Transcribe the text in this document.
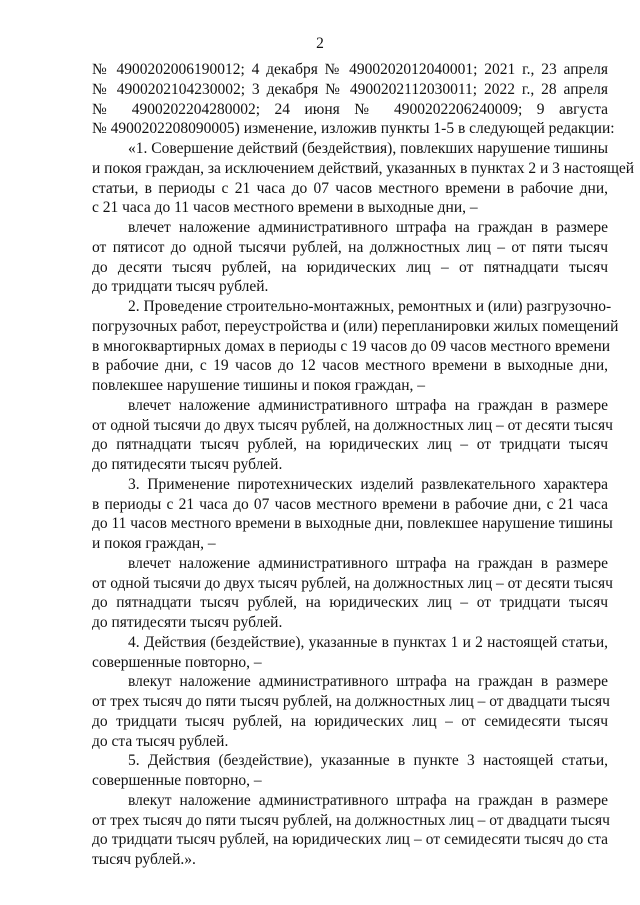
2
№ 4900202006190012; 4 декабря № 4900202012040001; 2021 г., 23 апреля
№ 4900202104230002; 3 декабря № 4900202112030011; 2022 г., 28 апреля
№ 4900202204280002; 24 июня № 4900202206240009; 9 августа
№ 4900202208090005) изменение, изложив пункты 1-5 в следующей редакции:
«1. Совершение действий (бездействия), повлекших нарушение тишины
и покоя граждан, за исключением действий, указанных в пунктах 2 и 3 настоящей
статьи, в периоды с 21 часа до 07 часов местного времени в рабочие дни,
с 21 часа до 11 часов местного времени в выходные дни, –
влечет наложение административного штрафа на граждан в размере
от пятисот до одной тысячи рублей, на должностных лиц – от пяти тысяч
до десяти тысяч рублей, на юридических лиц – от пятнадцати тысяч
до тридцати тысяч рублей.
2. Проведение строительно-монтажных, ремонтных и (или) разгрузочно-
погрузочных работ, переустройства и (или) перепланировки жилых помещений
в многоквартирных домах в периоды с 19 часов до 09 часов местного времени
в рабочие дни, с 19 часов до 12 часов местного времени в выходные дни,
повлекшее нарушение тишины и покоя граждан, –
влечет наложение административного штрафа на граждан в размере
от одной тысячи до двух тысяч рублей, на должностных лиц – от десяти тысяч
до пятнадцати тысяч рублей, на юридических лиц – от тридцати тысяч
до пятидесяти тысяч рублей.
3. Применение пиротехнических изделий развлекательного характера
в периоды с 21 часа до 07 часов местного времени в рабочие дни, с 21 часа
до 11 часов местного времени в выходные дни, повлекшее нарушение тишины
и покоя граждан, –
влечет наложение административного штрафа на граждан в размере
от одной тысячи до двух тысяч рублей, на должностных лиц – от десяти тысяч
до пятнадцати тысяч рублей, на юридических лиц – от тридцати тысяч
до пятидесяти тысяч рублей.
4. Действия (бездействие), указанные в пунктах 1 и 2 настоящей статьи,
совершенные повторно, –
влекут наложение административного штрафа на граждан в размере
от трех тысяч до пяти тысяч рублей, на должностных лиц – от двадцати тысяч
до тридцати тысяч рублей, на юридических лиц – от семидесяти тысяч
до ста тысяч рублей.
5. Действия (бездействие), указанные в пункте 3 настоящей статьи,
совершенные повторно, –
влекут наложение административного штрафа на граждан в размере
от трех тысяч до пяти тысяч рублей, на должностных лиц – от двадцати тысяч
до тридцати тысяч рублей, на юридических лиц – от семидесяти тысяч до ста
тысяч рублей.».
